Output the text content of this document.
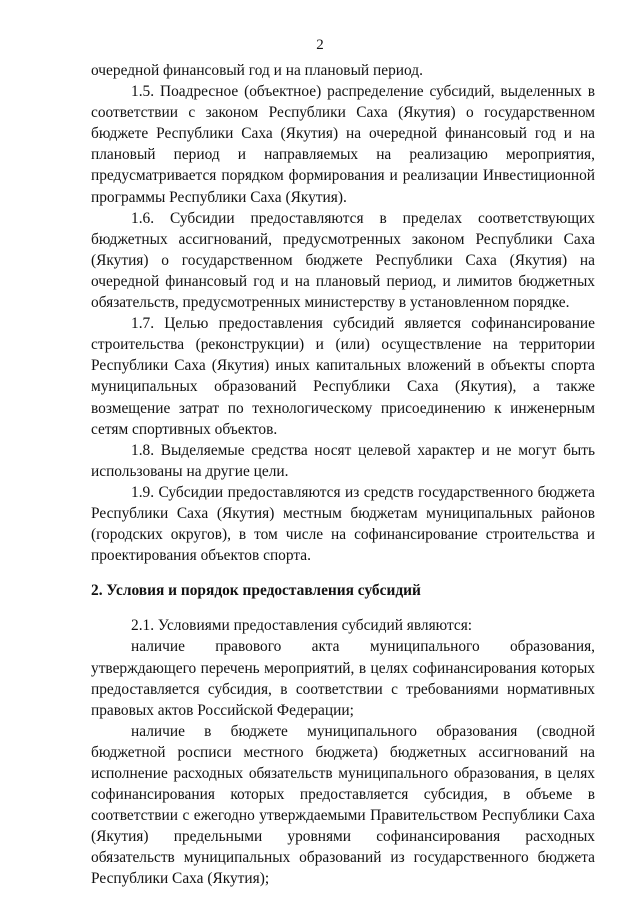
2

очередной финансовый год и на плановый период.

1.5. Поадресное (объектное) распределение субсидий, выделенных в соответствии с законом Республики Саха (Якутия) о государственном бюджете Республики Саха (Якутия) на очередной финансовый год и на плановый период и направляемых на реализацию мероприятия, предусматривается порядком формирования и реализации Инвестиционной программы Республики Саха (Якутия).

1.6. Субсидии предоставляются в пределах соответствующих бюджетных ассигнований, предусмотренных законом Республики Саха (Якутия) о государственном бюджете Республики Саха (Якутия) на очередной финансовый год и на плановый период, и лимитов бюджетных обязательств, предусмотренных министерству в установленном порядке.

1.7. Целью предоставления субсидий является софинансирование строительства (реконструкции) и (или) осуществление на территории Республики Саха (Якутия) иных капитальных вложений в объекты спорта муниципальных образований Республики Саха (Якутия), а также возмещение затрат по технологическому присоединению к инженерным сетям спортивных объектов.

1.8. Выделяемые средства носят целевой характер и не могут быть использованы на другие цели.

1.9. Субсидии предоставляются из средств государственного бюджета Республики Саха (Якутия) местным бюджетам муниципальных районов (городских округов), в том числе на софинансирование строительства и проектирования объектов спорта.

2. Условия и порядок предоставления субсидий

2.1. Условиями предоставления субсидий являются:

наличие правового акта муниципального образования, утверждающего перечень мероприятий, в целях софинансирования которых предоставляется субсидия, в соответствии с требованиями нормативных правовых актов Российской Федерации;

наличие в бюджете муниципального образования (сводной бюджетной росписи местного бюджета) бюджетных ассигнований на исполнение расходных обязательств муниципального образования, в целях софинансирования которых предоставляется субсидия, в объеме в соответствии с ежегодно утверждаемыми Правительством Республики Саха (Якутия) предельными уровнями софинансирования расходных обязательств муниципальных образований из государственного бюджета Республики Саха (Якутия);
